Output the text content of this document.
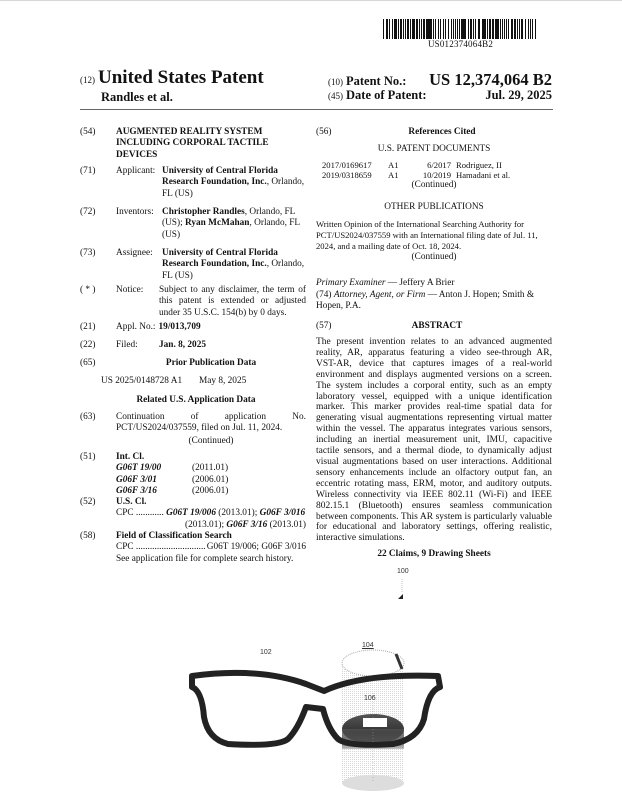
US012374064B2
(12) United States Patent
Randles et al.
(10) Patent No.: US 12,374,064 B2
(45) Date of Patent:	Jul. 29, 2025
(54)	AUGMENTED REALITY SYSTEM
INCLUDING CORPORAL TACTILE
DEVICES
(71)	Applicant: University of Central Florida
Research Foundation, Inc., Orlando,
FL (US)
(72)	Inventors: Christopher Randles, Orlando, FL
(US); Ryan McMahan, Orlando, FL
(US)
(73)	Assignee:	University of Central Florida
Research Foundation, Inc., Orlando,
FL (US)
( * )	Notice:	Subject to any disclaimer, the term of this patent is extended or adjusted under 35 U.S.C. 154(b) by 0 days.
(21)	Appl. No.: 19/013,709
(22)	Filed:	Jan. 8, 2025
(65)	Prior Publication Data
US 2025/0148728 A1	May 8, 2025
Related U.S. Application Data
(63)	Continuation	of	application	No.
PCT/US2024/037559, filed on Jul. 11, 2024.
(Continued)
(51)	Int. Cl.
G06T 19/00	(2011.01)
G06F 3/01	(2006.01)
G06F 3/16	(2006.01)
(52)	U.S. Cl.
CPC ............ G06T 19/006 (2013.01); G06F 3/016
(2013.01); G06F 3/16 (2013.01)
(58)	Field of Classification Search
CPC .............................. G06T 19/006; G06F 3/016
See application file for complete search history.
(56)	References Cited
U.S. PATENT DOCUMENTS
2017/0169617	A1	6/2017 Rodriguez, II
2019/0318659	A1	10/2019 Hamadani et al.
(Continued)
OTHER PUBLICATIONS
Written Opinion of the International Searching Authority for PCT/US2024/037559 with an International filing date of Jul. 11, 2024, and a mailing date of Oct. 18, 2024.
(Continued)
Primary Examiner — Jeffery A Brier
(74) Attorney, Agent, or Firm — Anton J. Hopen; Smith & Hopen, P.A.
(57)	ABSTRACT
The present invention relates to an advanced augmented reality, AR, apparatus featuring a video see-through AR, VST-AR, device that captures images of a real-world environment and displays augmented versions on a screen. The system includes a corporal entity, such as an empty laboratory vessel, equipped with a unique identification marker. This marker provides real-time spatial data for generating visual augmentations representing virtual matter within the vessel. The apparatus integrates various sensors, including an inertial measurement unit, IMU, capacitive tactile sensors, and a thermal diode, to dynamically adjust visual augmentations based on user interactions. Additional sensory enhancements include an olfactory output fan, an eccentric rotating mass, ERM, motor, and auditory outputs. Wireless connectivity via IEEE 802.11 (Wi-Fi) and IEEE 802.15.1 (Bluetooth) ensures seamless communication between components. This AR system is particularly valuable for educational and laboratory settings, offering realistic, interactive simulations.
22 Claims, 9 Drawing Sheets
100
102
104
106
